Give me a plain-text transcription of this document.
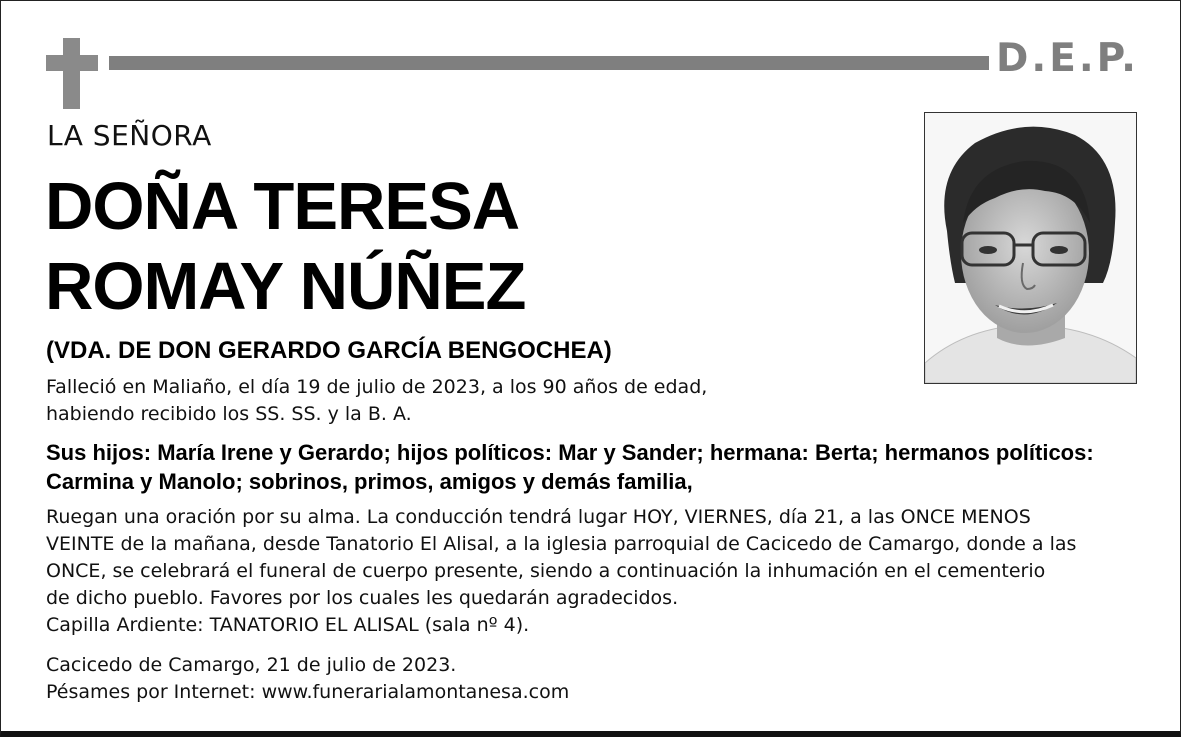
D.E.P.
LA SEÑORA
DOÑA TERESA
ROMAY NÚÑEZ
(VDA. DE DON GERARDO GARCÍA BENGOCHEA)
Falleció en Maliaño, el día 19 de julio de 2023, a los 90 años de edad,
habiendo recibido los SS. SS. y la B. A.
Sus hijos: María Irene y Gerardo; hijos políticos: Mar y Sander; hermana: Berta; hermanos políticos:
Carmina y Manolo; sobrinos, primos, amigos y demás familia,
Ruegan una oración por su alma. La conducción tendrá lugar HOY, VIERNES, día 21, a las ONCE MENOS
VEINTE de la mañana, desde Tanatorio El Alisal, a la iglesia parroquial de Cacicedo de Camargo, donde a las
ONCE, se celebrará el funeral de cuerpo presente, siendo a continuación la inhumación en el cementerio
de dicho pueblo. Favores por los cuales les quedarán agradecidos.
Capilla Ardiente: TANATORIO EL ALISAL (sala nº 4).
Cacicedo de Camargo, 21 de julio de 2023.
Pésames por Internet: www.funerarialamontanesa.com
